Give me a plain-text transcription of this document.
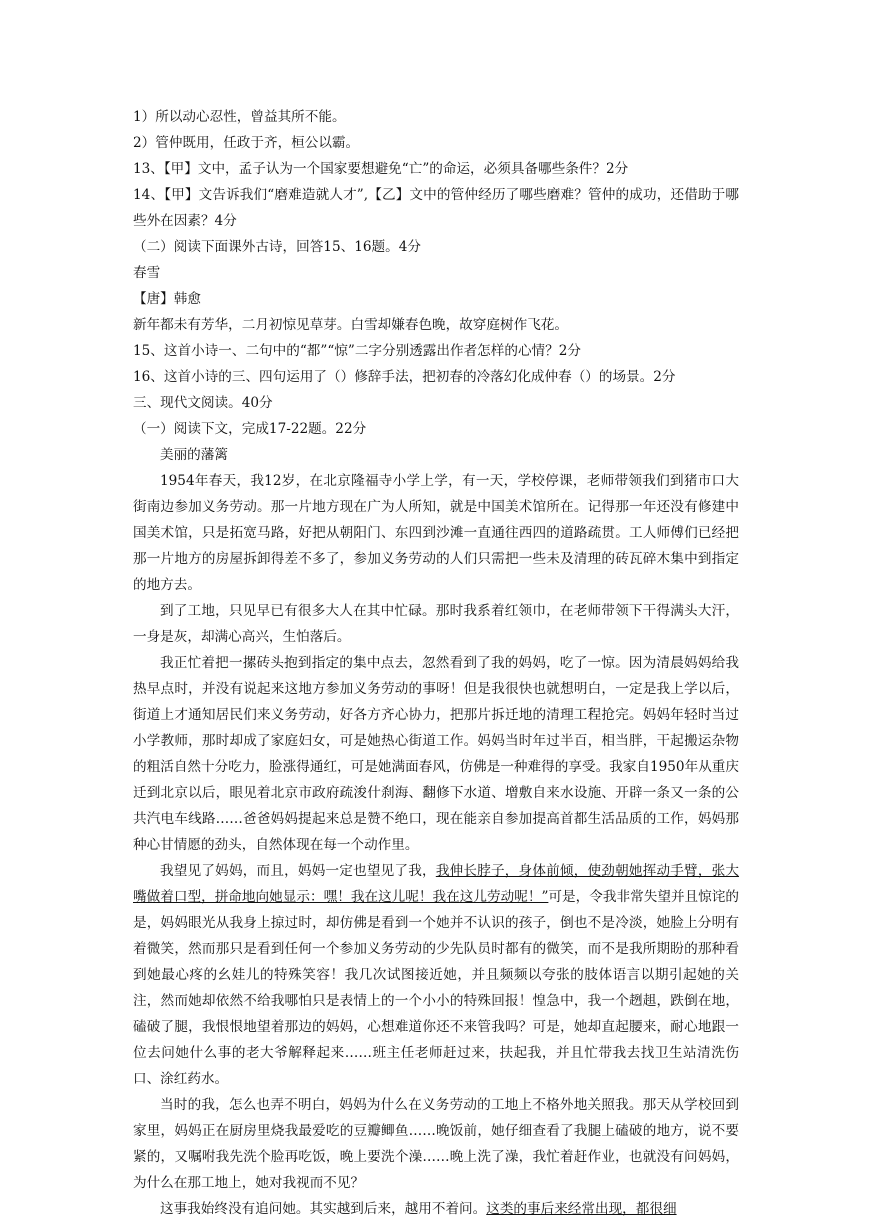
1）所以动心忍性，曾益其所不能。
2）管仲既用，任政于齐，桓公以霸。
13、【甲】文中，孟子认为一个国家要想避免“亡”的命运，必须具备哪些条件？2分
14、【甲】文告诉我们“磨难造就人才”,【乙】文中的管仲经历了哪些磨难？管仲的成功，还借助于哪些外在因素？4分
（二）阅读下面课外古诗，回答15、16题。4分
春雪
【唐】韩愈
新年都未有芳华，二月初惊见草芽。白雪却嫌春色晚，故穿庭树作飞花。
15、这首小诗一、二句中的“都”“惊”二字分别透露出作者怎样的心情？2分
16、这首小诗的三、四句运用了（）修辞手法，把初春的冷落幻化成仲春（）的场景。2分
三、现代文阅读。40分
（一）阅读下文，完成17-22题。22分
美丽的藩篱

1954年春天，我12岁，在北京隆福寺小学上学，有一天，学校停课，老师带领我们到猪市口大街南边参加义务劳动。那一片地方现在广为人所知，就是中国美术馆所在。记得那一年还没有修建中国美术馆，只是拓宽马路，好把从朝阳门、东四到沙滩一直通往西四的道路疏贯。工人师傅们已经把那一片地方的房屋拆卸得差不多了，参加义务劳动的人们只需把一些未及清理的砖瓦碎木集中到指定的地方去。

到了工地，只见早已有很多大人在其中忙碌。那时我系着红领巾，在老师带领下干得满头大汗，一身是灰，却满心高兴，生怕落后。

我正忙着把一摞砖头抱到指定的集中点去，忽然看到了我的妈妈，吃了一惊。因为清晨妈妈给我热早点时，并没有说起来这地方参加义务劳动的事呀！但是我很快也就想明白，一定是我上学以后，街道上才通知居民们来义务劳动，好各方齐心协力，把那片拆迁地的清理工程抢完。妈妈年轻时当过小学教师，那时却成了家庭妇女，可是她热心街道工作。妈妈当时年过半百，相当胖，干起搬运杂物的粗活自然十分吃力，脸涨得通红，可是她满面春风，仿佛是一种难得的享受。我家自1950年从重庆迁到北京以后，眼见着北京市政府疏浚什刹海、翻修下水道、增敷自来水设施、开辟一条又一条的公共汽电车线路……爸爸妈妈提起来总是赞不绝口，现在能亲自参加提高首都生活品质的工作，妈妈那种心甘情愿的劲头，自然体现在每一个动作里。

我望见了妈妈，而且，妈妈一定也望见了我，我伸长脖子，身体前倾，使劲朝她挥动手臂，张大嘴做着口型，拼命地向她显示：嘿！我在这儿呢！我在这儿劳动呢！”可是，令我非常失望并且惊诧的是，妈妈眼光从我身上掠过时，却仿佛是看到一个她并不认识的孩子，倒也不是冷淡，她脸上分明有着微笑，然而那只是看到任何一个参加义务劳动的少先队员时都有的微笑，而不是我所期盼的那种看到她最心疼的幺娃儿的特殊笑容！我几次试图接近她，并且频频以夸张的肢体语言以期引起她的关注，然而她却依然不给我哪怕只是表情上的一个小小的特殊回报！惶急中，我一个趔趄，跌倒在地，磕破了腿，我恨恨地望着那边的妈妈，心想难道你还不来管我吗？可是，她却直起腰来，耐心地跟一位去问她什么事的老大爷解释起来……班主任老师赶过来，扶起我，并且忙带我去找卫生站清洗伤口、涂红药水。

当时的我，怎么也弄不明白，妈妈为什么在义务劳动的工地上不格外地关照我。那天从学校回到家里，妈妈正在厨房里烧我最爱吃的豆瓣鲫鱼……晚饭前，她仔细查看了我腿上磕破的地方，说不要紧的，又嘱咐我先洗个脸再吃饭，晚上要洗个澡……晚上洗了澡，我忙着赶作业，也就没有问妈妈，为什么在那工地上，她对我视而不见？

这事我始终没有追问她。其实越到后来，越用不着问。这类的事后来经常出现，都很细
